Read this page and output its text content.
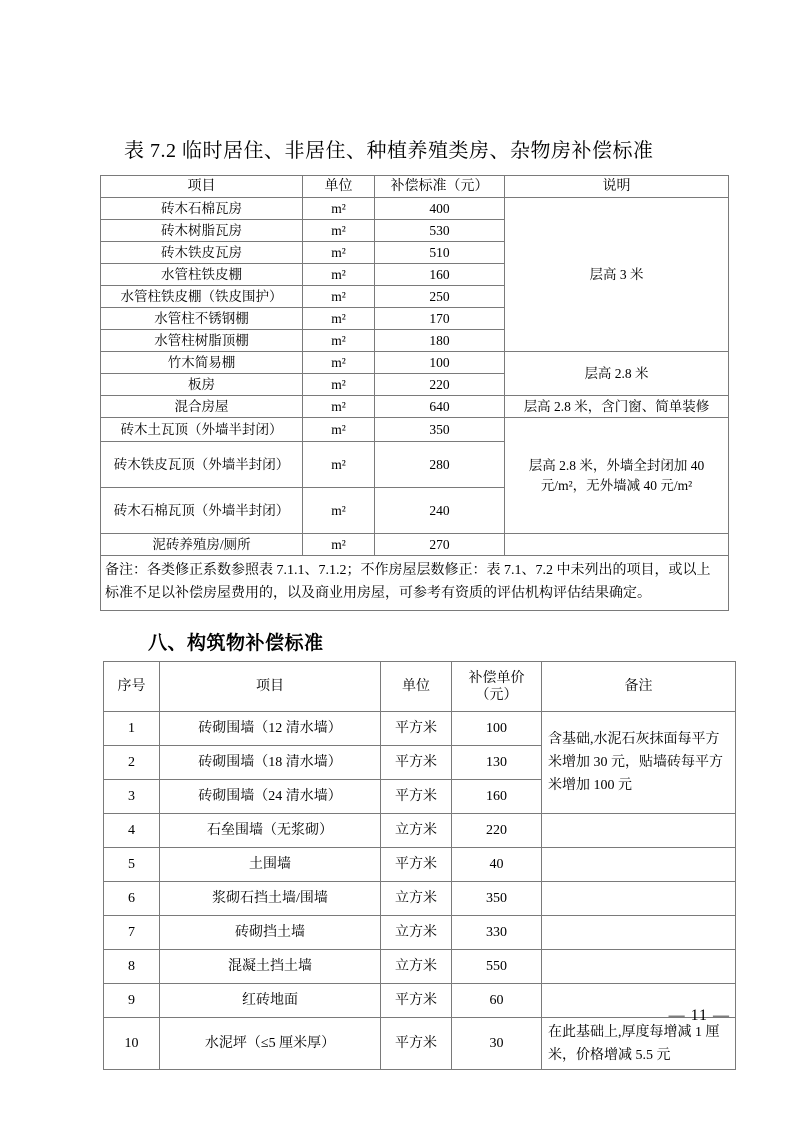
表 7.2 临时居住、非居住、种植养殖类房、杂物房补偿标准
项目	单位	补偿标准（元）	说明
砖木石棉瓦房	m²	400	层高 3 米
砖木树脂瓦房	m²	530	
砖木铁皮瓦房	m²	510	
水管柱铁皮棚	m²	160	
水管柱铁皮棚（铁皮围护）	m²	250	
水管柱不锈钢棚	m²	170	
水管柱树脂顶棚	m²	180	
竹木简易棚	m²	100	层高 2.8 米
板房	m²	220	
混合房屋	m²	640	层高 2.8 米，含门窗、简单装修
砖木土瓦顶（外墙半封闭）	m²	350	层高 2.8 米，外墙全封闭加 40 元/m²，无外墙减 40 元/m²
砖木铁皮瓦顶（外墙半封闭）	m²	280	
砖木石棉瓦顶（外墙半封闭）	m²	240	
泥砖养殖房/厕所	m²	270	
备注：各类修正系数参照表 7.1.1、7.1.2；不作房屋层数修正：表 7.1、7.2 中未列出的项目，或以上标准不足以补偿房屋费用的，以及商业用房屋，可参考有资质的评估机构评估结果确定。			
八、构筑物补偿标准
序号	项目	单位	补偿单价（元）	备注
1	砖砌围墙（12 清水墙）	平方米	100	含基础,水泥石灰抹面每平方米增加 30 元，贴墙砖每平方米增加 100 元
2	砖砌围墙（18 清水墙）	平方米	130	
3	砖砌围墙（24 清水墙）	平方米	160	
4	石垒围墙（无浆砌）	立方米	220	
5	土围墙	平方米	40	
6	浆砌石挡土墙/围墙	立方米	350	
7	砖砌挡土墙	立方米	330	
8	混凝土挡土墙	立方米	550	
9	红砖地面	平方米	60	
10	水泥坪（≤5 厘米厚）	平方米	30	在此基础上,厚度每增减 1 厘米，价格增减 5.5 元
— 11 —
